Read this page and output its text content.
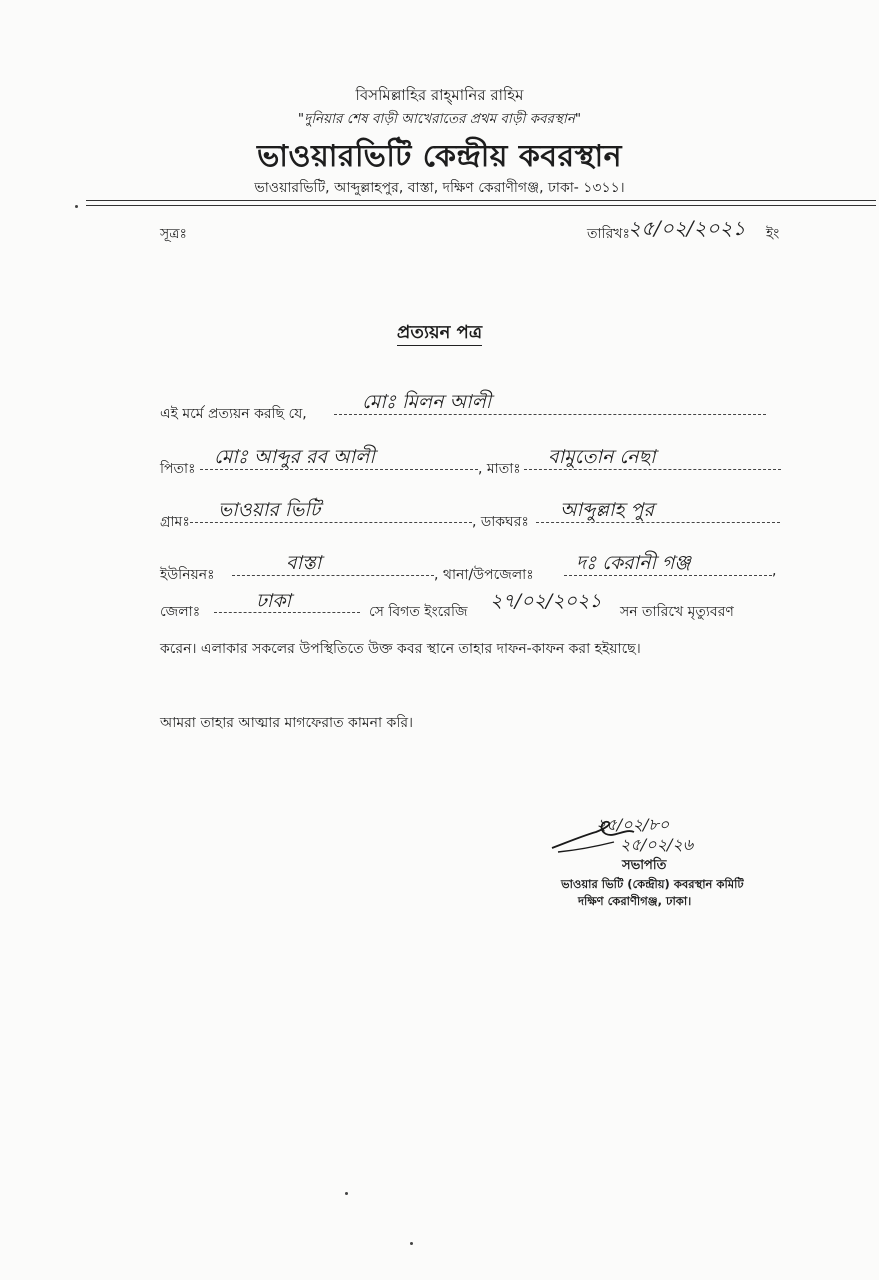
বিসমিল্লাহির রাহ্‌মানির রাহিম
"দুনিয়ার শেষ বাড়ী আখেরাতের প্রথম বাড়ী কবরস্থান"
ভাওয়ারভিটি কেন্দ্রীয় কবরস্থান
ভাওয়ারভিটি, আব্দুল্লাহপুর, বাস্তা, দক্ষিণ কেরাণীগঞ্জ, ঢাকা- ১৩১১।
সূত্রঃ	তারিখঃ
২৫/০২/২০২১ ইং
প্রত্যয়ন পত্র
এই মর্মে প্রত্যয়ন করছি যে,
মোঃ মিলন আলী
পিতাঃ
মোঃ আব্দুর রব আলী
, মাতাঃ
বামুতোন নেছা
গ্রামঃ
ভাওয়ার ভিটি
, ডাকঘরঃ
আব্দুল্লাহ পুর
ইউনিয়নঃ
বাস্তা
, থানা/উপজেলাঃ
দঃ কেরানী গঞ্জ	,
জেলাঃ	ঢাকা	সে বিগত ইংরেজি ২৭/০২/২০২১ সন তারিখে মৃত্যুবরণ
করেন। এলাকার সকলের উপস্থিতিতে উক্ত কবর স্থানে তাহার দাফন-কাফন করা হইয়াছে।
আমরা তাহার আত্মার মাগফেরাত কামনা করি।
২৫/০২/৮০
২৫/০২/২৬
সভাপতি
ভাওয়ার ভিটি (কেন্দ্রীয়) কবরস্থান কমিটি
দক্ষিণ কেরাণীগঞ্জ, ঢাকা।
